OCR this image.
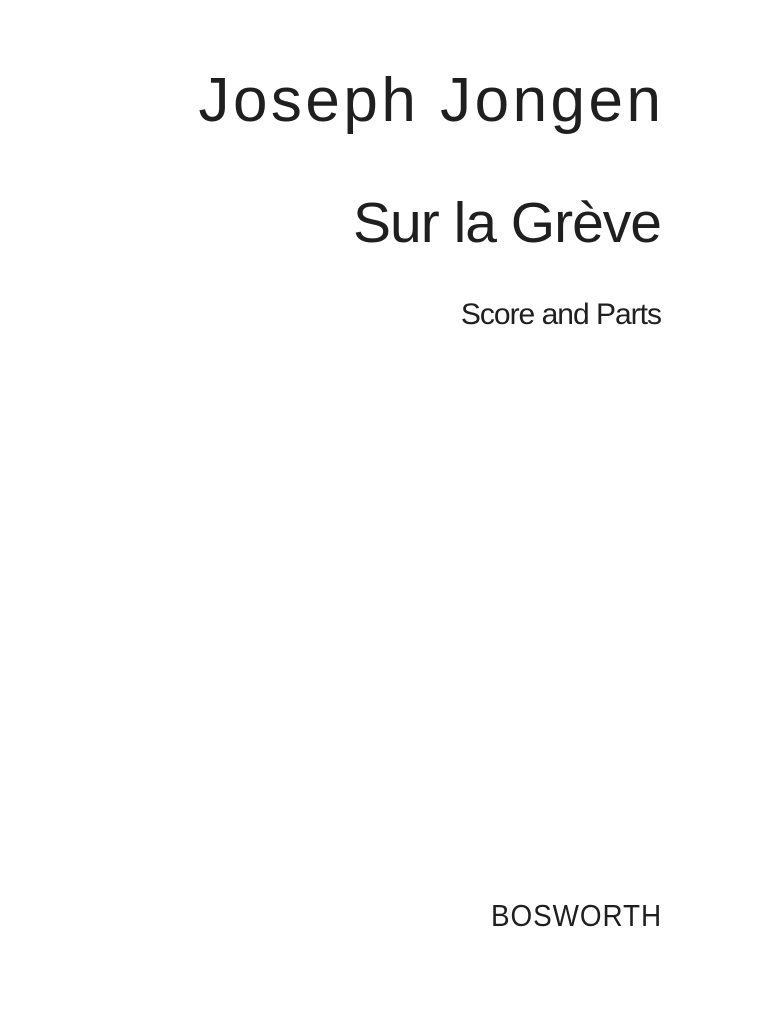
Joseph Jongen
Sur la Grève
Score and Parts
BOSWORTH
